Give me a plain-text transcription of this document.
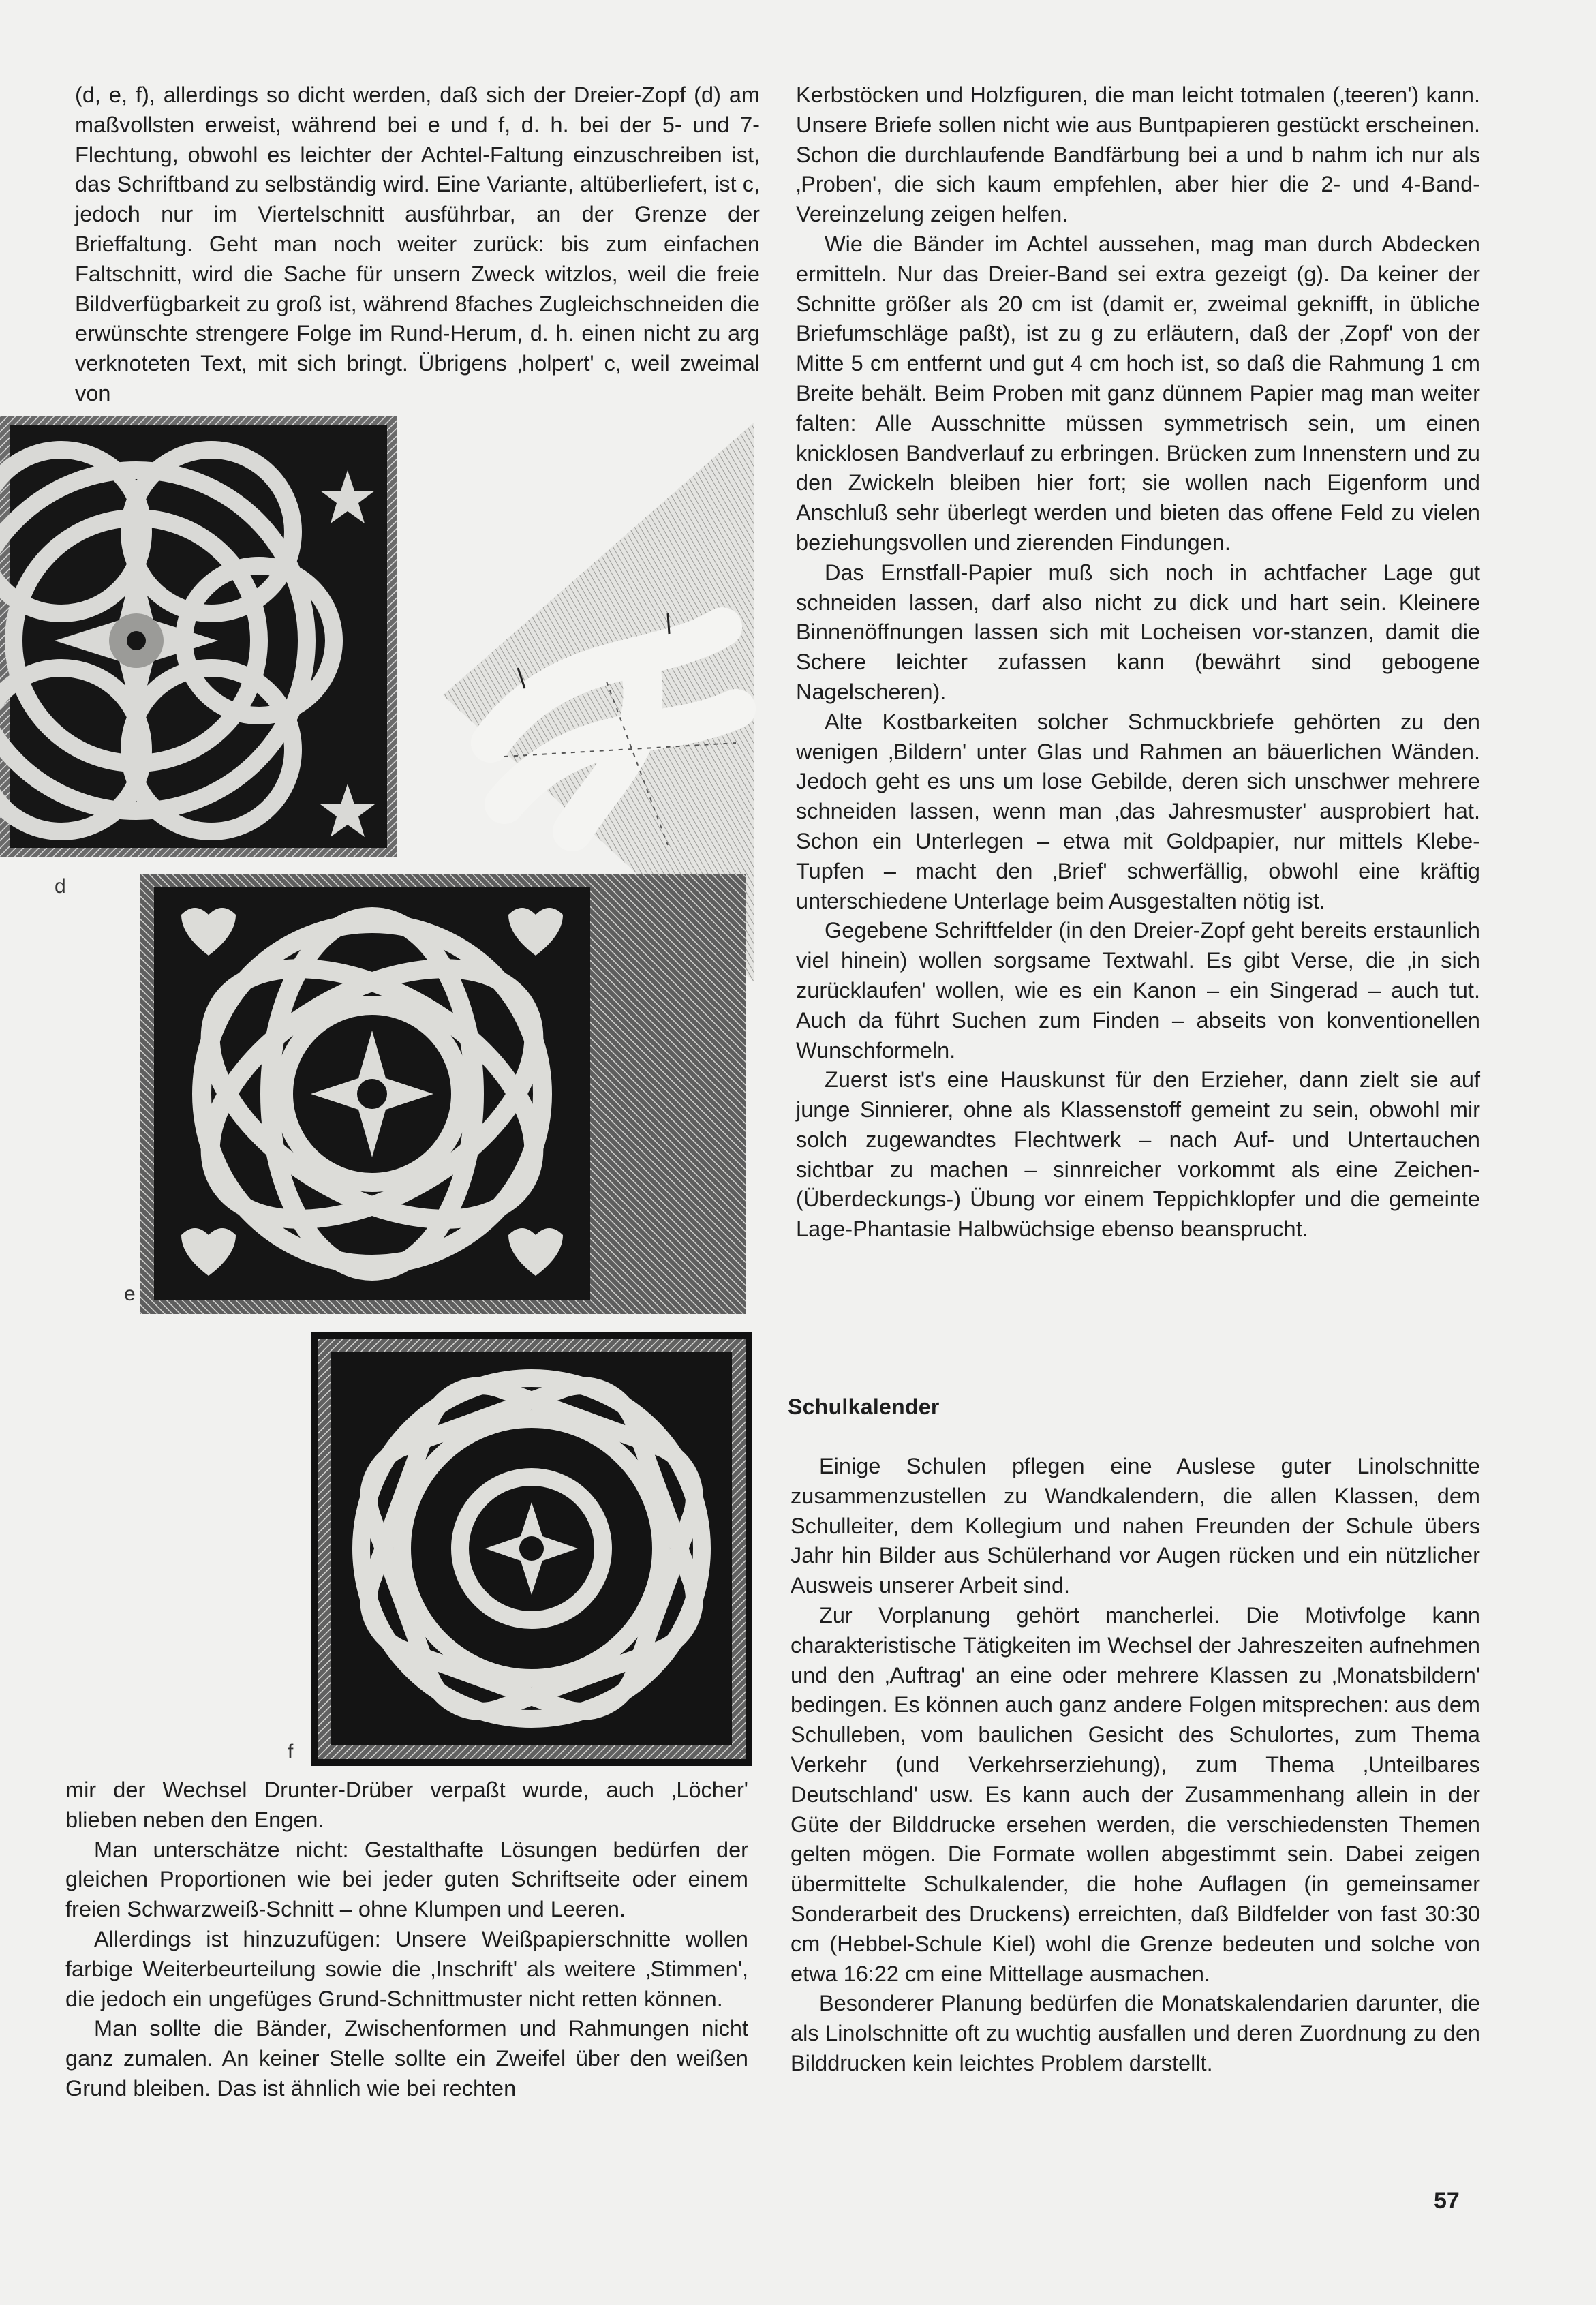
(d, e, f), allerdings so dicht werden, daß sich der Dreier-Zopf (d) am maßvollsten erweist, während bei e und f, d. h. bei der 5- und 7-Flechtung, obwohl es leichter der Achtel-Faltung einzuschreiben ist, das Schriftband zu selbständig wird. Eine Variante, altüberliefert, ist c, jedoch nur im Viertelschnitt ausführbar, an der Grenze der Brieffaltung. Geht man noch weiter zurück: bis zum einfachen Faltschnitt, wird die Sache für unsern Zweck witzlos, weil die freie Bildverfügbarkeit zu groß ist, während 8faches Zugleichschneiden die erwünschte strengere Folge im Rund-Herum, d. h. einen nicht zu arg verknoteten Text, mit sich bringt. Übrigens ‚holpert' c, weil zweimal von

mir der Wechsel Drunter-Drüber verpaßt wurde, auch ‚Löcher' blieben neben den Engen.

Man unterschätze nicht: Gestalthafte Lösungen bedürfen der gleichen Proportionen wie bei jeder guten Schriftseite oder einem freien Schwarzweiß-Schnitt – ohne Klumpen und Leeren.

Allerdings ist hinzuzufügen: Unsere Weißpapierschnitte wollen farbige Weiterbeurteilung sowie die ‚Inschrift' als weitere ‚Stimmen', die jedoch ein ungefüges Grund-Schnittmuster nicht retten können.

Man sollte die Bänder, Zwischenformen und Rahmungen nicht ganz zumalen. An keiner Stelle sollte ein Zweifel über den weißen Grund bleiben. Das ist ähnlich wie bei rechten

Kerbstöcken und Holzfiguren, die man leicht totmalen (‚teeren') kann. Unsere Briefe sollen nicht wie aus Buntpapieren gestückt erscheinen. Schon die durchlaufende Bandfärbung bei a und b nahm ich nur als ‚Proben', die sich kaum empfehlen, aber hier die 2- und 4-Band-Vereinzelung zeigen helfen.

Wie die Bänder im Achtel aussehen, mag man durch Abdecken ermitteln. Nur das Dreier-Band sei extra gezeigt (g). Da keiner der Schnitte größer als 20 cm ist (damit er, zweimal geknifft, in übliche Briefumschläge paßt), ist zu g zu erläutern, daß der ‚Zopf' von der Mitte 5 cm entfernt und gut 4 cm hoch ist, so daß die Rahmung 1 cm Breite behält. Beim Proben mit ganz dünnem Papier mag man weiter falten: Alle Ausschnitte müssen symmetrisch sein, um einen knicklosen Bandverlauf zu erbringen. Brücken zum Innenstern und zu den Zwickeln bleiben hier fort; sie wollen nach Eigenform und Anschluß sehr überlegt werden und bieten das offene Feld zu vielen beziehungsvollen und zierenden Findungen.

Das Ernstfall-Papier muß sich noch in achtfacher Lage gut schneiden lassen, darf also nicht zu dick und hart sein. Kleinere Binnenöffnungen lassen sich mit Locheisen vor-stanzen, damit die Schere leichter zufassen kann (bewährt sind gebogene Nagelscheren).

Alte Kostbarkeiten solcher Schmuckbriefe gehörten zu den wenigen ‚Bildern' unter Glas und Rahmen an bäuerlichen Wänden. Jedoch geht es uns um lose Gebilde, deren sich unschwer mehrere schneiden lassen, wenn man ‚das Jahresmuster' ausprobiert hat. Schon ein Unterlegen – etwa mit Goldpapier, nur mittels Klebe-Tupfen – macht den ‚Brief' schwerfällig, obwohl eine kräftig unterschiedene Unterlage beim Ausgestalten nötig ist.

Gegebene Schriftfelder (in den Dreier-Zopf geht bereits erstaunlich viel hinein) wollen sorgsame Textwahl. Es gibt Verse, die ‚in sich zurücklaufen' wollen, wie es ein Kanon – ein Singerad – auch tut. Auch da führt Suchen zum Finden – abseits von konventionellen Wunschformeln.

Zuerst ist's eine Hauskunst für den Erzieher, dann zielt sie auf junge Sinnierer, ohne als Klassenstoff gemeint zu sein, obwohl mir solch zugewandtes Flechtwerk – nach Auf- und Untertauchen sichtbar zu machen – sinnreicher vorkommt als eine Zeichen- (Überdeckungs-) Übung vor einem Teppichklopfer und die gemeinte Lage-Phantasie Halbwüchsige ebenso beansprucht.

Schulkalender

Einige Schulen pflegen eine Auslese guter Linolschnitte zusammenzustellen zu Wandkalendern, die allen Klassen, dem Schulleiter, dem Kollegium und nahen Freunden der Schule übers Jahr hin Bilder aus Schülerhand vor Augen rücken und ein nützlicher Ausweis unserer Arbeit sind.

Zur Vorplanung gehört mancherlei. Die Motivfolge kann charakteristische Tätigkeiten im Wechsel der Jahreszeiten aufnehmen und den ‚Auftrag' an eine oder mehrere Klassen zu ‚Monatsbildern' bedingen. Es können auch ganz andere Folgen mitsprechen: aus dem Schulleben, vom baulichen Gesicht des Schulortes, zum Thema Verkehr (und Verkehrserziehung), zum Thema ‚Unteilbares Deutschland' usw. Es kann auch der Zusammenhang allein in der Güte der Bilddrucke ersehen werden, die verschiedensten Themen gelten mögen. Die Formate wollen abgestimmt sein. Dabei zeigen übermittelte Schulkalender, die hohe Auflagen (in gemeinsamer Sonderarbeit des Druckens) erreichten, daß Bildfelder von fast 30:30 cm (Hebbel-Schule Kiel) wohl die Grenze bedeuten und solche von etwa 16:22 cm eine Mittellage ausmachen.

Besonderer Planung bedürfen die Monatskalendarien darunter, die als Linolschnitte oft zu wuchtig ausfallen und deren Zuordnung zu den Bilddrucken kein leichtes Problem darstellt.

d
e
f
57
